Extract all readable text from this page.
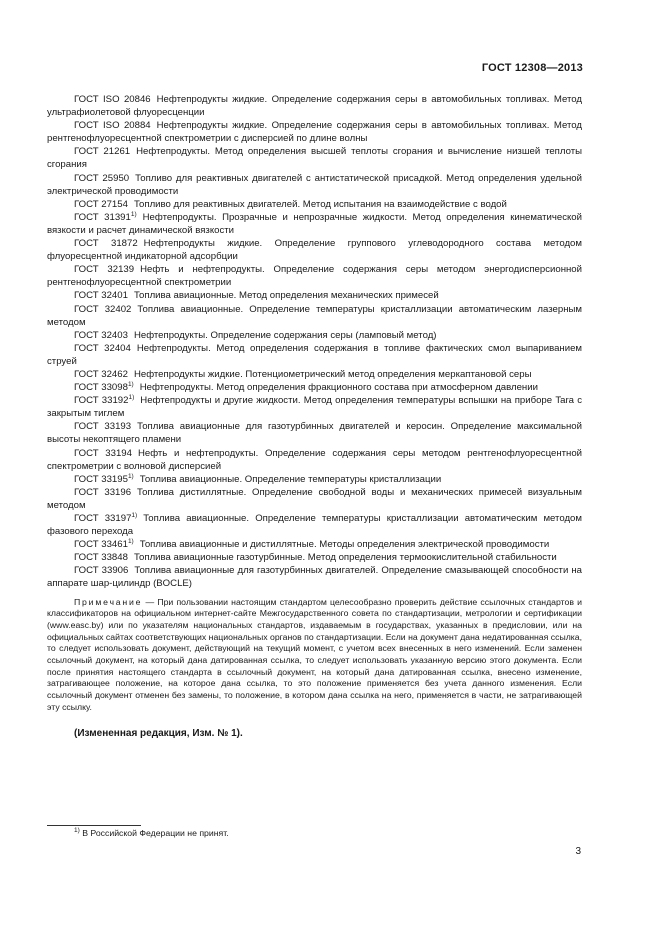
ГОСТ 12308—2013

ГОСТ ISO 20846 Нефтепродукты жидкие. Определение содержания серы в автомобильных топливах. Метод ультрафиолетовой флуоресценции

ГОСТ ISO 20884 Нефтепродукты жидкие. Определение содержания серы в автомобильных топливах. Метод рентгенофлуоресцентной спектрометрии с дисперсией по длине волны

ГОСТ 21261 Нефтепродукты. Метод определения высшей теплоты сгорания и вычисление низшей теплоты сгорания

ГОСТ 25950 Топливо для реактивных двигателей с антистатической присадкой. Метод определения удельной электрической проводимости

ГОСТ 27154 Топливо для реактивных двигателей. Метод испытания на взаимодействие с водой

ГОСТ 31391$^{1)}$ Нефтепродукты. Прозрачные и непрозрачные жидкости. Метод определения кинематической вязкости и расчет динамической вязкости

ГОСТ 31872 Нефтепродукты жидкие. Определение группового углеводородного состава методом флуоресцентной индикаторной адсорбции

ГОСТ 32139 Нефть и нефтепродукты. Определение содержания серы методом энергодисперсионной рентгенофлуоресцентной спектрометрии

ГОСТ 32401 Топлива авиационные. Метод определения механических примесей

ГОСТ 32402 Топлива авиационные. Определение температуры кристаллизации автоматическим лазерным методом

ГОСТ 32403 Нефтепродукты. Определение содержания серы (ламповый метод)

ГОСТ 32404 Нефтепродукты. Метод определения содержания в топливе фактических смол выпариванием струей

ГОСТ 32462 Нефтепродукты жидкие. Потенциометрический метод определения меркаптановой серы

ГОСТ 33098$^{1)}$ Нефтепродукты. Метод определения фракционного состава при атмосферном давлении

ГОСТ 33192$^{1)}$ Нефтепродукты и другие жидкости. Метод определения температуры вспышки на приборе Tara с закрытым тиглем

ГОСТ 33193 Топлива авиационные для газотурбинных двигателей и керосин. Определение максимальной высоты некоптящего пламени

ГОСТ 33194 Нефть и нефтепродукты. Определение содержания серы методом рентгенофлуоресцентной спектрометрии с волновой дисперсией

ГОСТ 33195$^{1)}$ Топлива авиационные. Определение температуры кристаллизации

ГОСТ 33196 Топлива дистиллятные. Определение свободной воды и механических примесей визуальным методом

ГОСТ 33197$^{1)}$ Топлива авиационные. Определение температуры кристаллизации автоматическим методом фазового перехода

ГОСТ 33461$^{1)}$ Топлива авиационные и дистиллятные. Методы определения электрической проводимости

ГОСТ 33848 Топлива авиационные газотурбинные. Метод определения термоокислительной стабильности

ГОСТ 33906 Топлива авиационные для газотурбинных двигателей. Определение смазывающей способности на аппарате шар-цилиндр (BOCLE)

Примечание — При пользовании настоящим стандартом целесообразно проверить действие ссылочных стандартов и классификаторов на официальном интернет-сайте Межгосударственного совета по стандартизации, метрологии и сертификации (www.easc.by) или по указателям национальных стандартов, издаваемым в государствах, указанных в предисловии, или на официальных сайтах соответствующих национальных органов по стандартизации. Если на документ дана недатированная ссылка, то следует использовать документ, действующий на текущий момент, с учетом всех внесенных в него изменений. Если заменен ссылочный документ, на который дана датированная ссылка, то следует использовать указанную версию этого документа. Если после принятия настоящего стандарта в ссылочный документ, на который дана датированная ссылка, внесено изменение, затрагивающее положение, на которое дана ссылка, то это положение применяется без учета данного изменения. Если ссылочный документ отменен без замены, то положение, в котором дана ссылка на него, применяется в части, не затрагивающей эту ссылку.

(Измененная редакция, Изм. № 1).

$^{1)}$ В Российской Федерации не принят.
3
